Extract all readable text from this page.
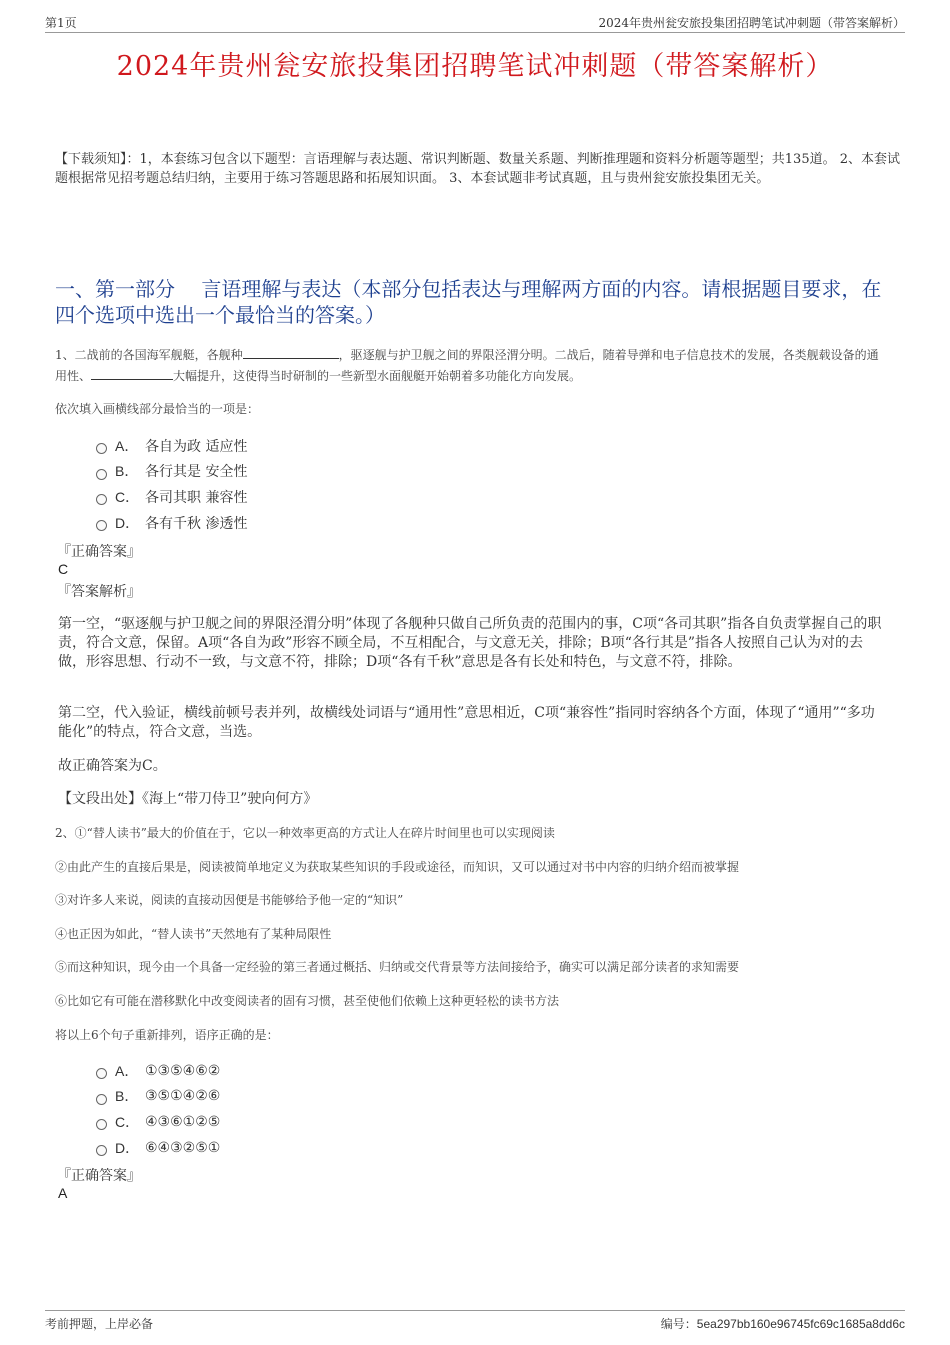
第1页	2024年贵州瓮安旅投集团招聘笔试冲刺题（带答案解析）
2024年贵州瓮安旅投集团招聘笔试冲刺题（带答案解析）
【下载须知】：1，本套练习包含以下题型：言语理解与表达题、常识判断题、数量关系题、判断推理题和资料分析题等题型；共135道。 2、本套试题根据常见招考题总结归纳，主要用于练习答题思路和拓展知识面。 3、本套试题非考试真题，且与贵州瓮安旅投集团无关。
一、第一部分　 言语理解与表达（本部分包括表达与理解两方面的内容。请根据题目要求，在四个选项中选出一个最恰当的答案。）
1、二战前的各国海军舰艇，各舰种	，驱逐舰与护卫舰之间的界限泾渭分明。二战后，随着导弹和电子信息技术的发展，各类舰载设备的通用性、	大幅提升，这使得当时研制的一些新型水面舰艇开始朝着多功能化方向发展。
依次填入画横线部分最恰当的一项是：
A． 各自为政 适应性
B． 各行其是 安全性
C． 各司其职 兼容性
D． 各有千秋 渗透性
『正确答案』
C
『答案解析』
第一空，“驱逐舰与护卫舰之间的界限泾渭分明”体现了各舰种只做自己所负责的范围内的事，C项“各司其职”指各自负责掌握自己的职责，符合文意，保留。A项“各自为政”形容不顾全局，不互相配合，与文意无关，排除；B项“各行其是”指各人按照自己认为对的去做，形容思想、行动不一致，与文意不符，排除；D项“各有千秋”意思是各有长处和特色，与文意不符，排除。
第二空，代入验证，横线前顿号表并列，故横线处词语与“通用性”意思相近，C项“兼容性”指同时容纳各个方面，体现了“通用”“多功能化”的特点，符合文意，当选。
故正确答案为C。
【文段出处】《海上“带刀侍卫”驶向何方》
2、①“替人读书”最大的价值在于，它以一种效率更高的方式让人在碎片时间里也可以实现阅读
②由此产生的直接后果是，阅读被简单地定义为获取某些知识的手段或途径，而知识，又可以通过对书中内容的归纳介绍而被掌握
③对许多人来说，阅读的直接动因便是书能够给予他一定的“知识”
④也正因为如此，“替人读书”天然地有了某种局限性
⑤而这种知识，现今由一个具备一定经验的第三者通过概括、归纳或交代背景等方法间接给予，确实可以满足部分读者的求知需要
⑥比如它有可能在潜移默化中改变阅读者的固有习惯，甚至使他们依赖上这种更轻松的读书方法
将以上6个句子重新排列，语序正确的是：
A． ①③⑤④⑥②
B． ③⑤①④②⑥
C． ④③⑥①②⑤
D． ⑥④③②⑤①
『正确答案』
A
考前押题，上岸必备	编号：5ea297bb160e96745fc69c1685a8dd6c
